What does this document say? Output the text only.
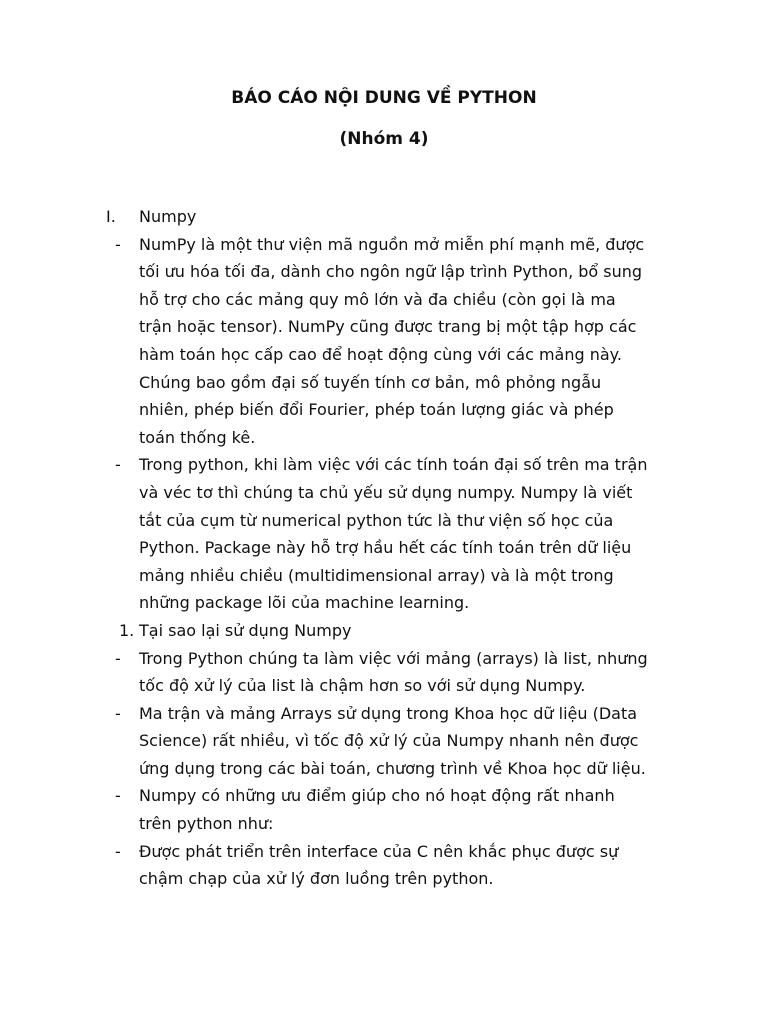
BÁO CÁO NỘI DUNG VỀ PYTHON
(Nhóm 4)
I. Numpy
- NumPy là một thư viện mã nguồn mở miễn phí mạnh mẽ, được
tối ưu hóa tối đa, dành cho ngôn ngữ lập trình Python, bổ sung
hỗ trợ cho các mảng quy mô lớn và đa chiều (còn gọi là ma
trận hoặc tensor). NumPy cũng được trang bị một tập hợp các
hàm toán học cấp cao để hoạt động cùng với các mảng này.
Chúng bao gồm đại số tuyến tính cơ bản, mô phỏng ngẫu
nhiên, phép biến đổi Fourier, phép toán lượng giác và phép
toán thống kê.
- Trong python, khi làm việc với các tính toán đại số trên ma trận
và véc tơ thì chúng ta chủ yếu sử dụng numpy. Numpy là viết
tắt của cụm từ numerical python tức là thư viện số học của
Python. Package này hỗ trợ hầu hết các tính toán trên dữ liệu
mảng nhiều chiều (multidimensional array) và là một trong
những package lõi của machine learning.
1. Tại sao lại sử dụng Numpy
- Trong Python chúng ta làm việc với mảng (arrays) là list, nhưng
tốc độ xử lý của list là chậm hơn so với sử dụng Numpy.
- Ma trận và mảng Arrays sử dụng trong Khoa học dữ liệu (Data
Science) rất nhiều, vì tốc độ xử lý của Numpy nhanh nên được
ứng dụng trong các bài toán, chương trình về Khoa học dữ liệu.
- Numpy có những ưu điểm giúp cho nó hoạt động rất nhanh
trên python như:
- Được phát triển trên interface của C nên khắc phục được sự
chậm chạp của xử lý đơn luồng trên python.
